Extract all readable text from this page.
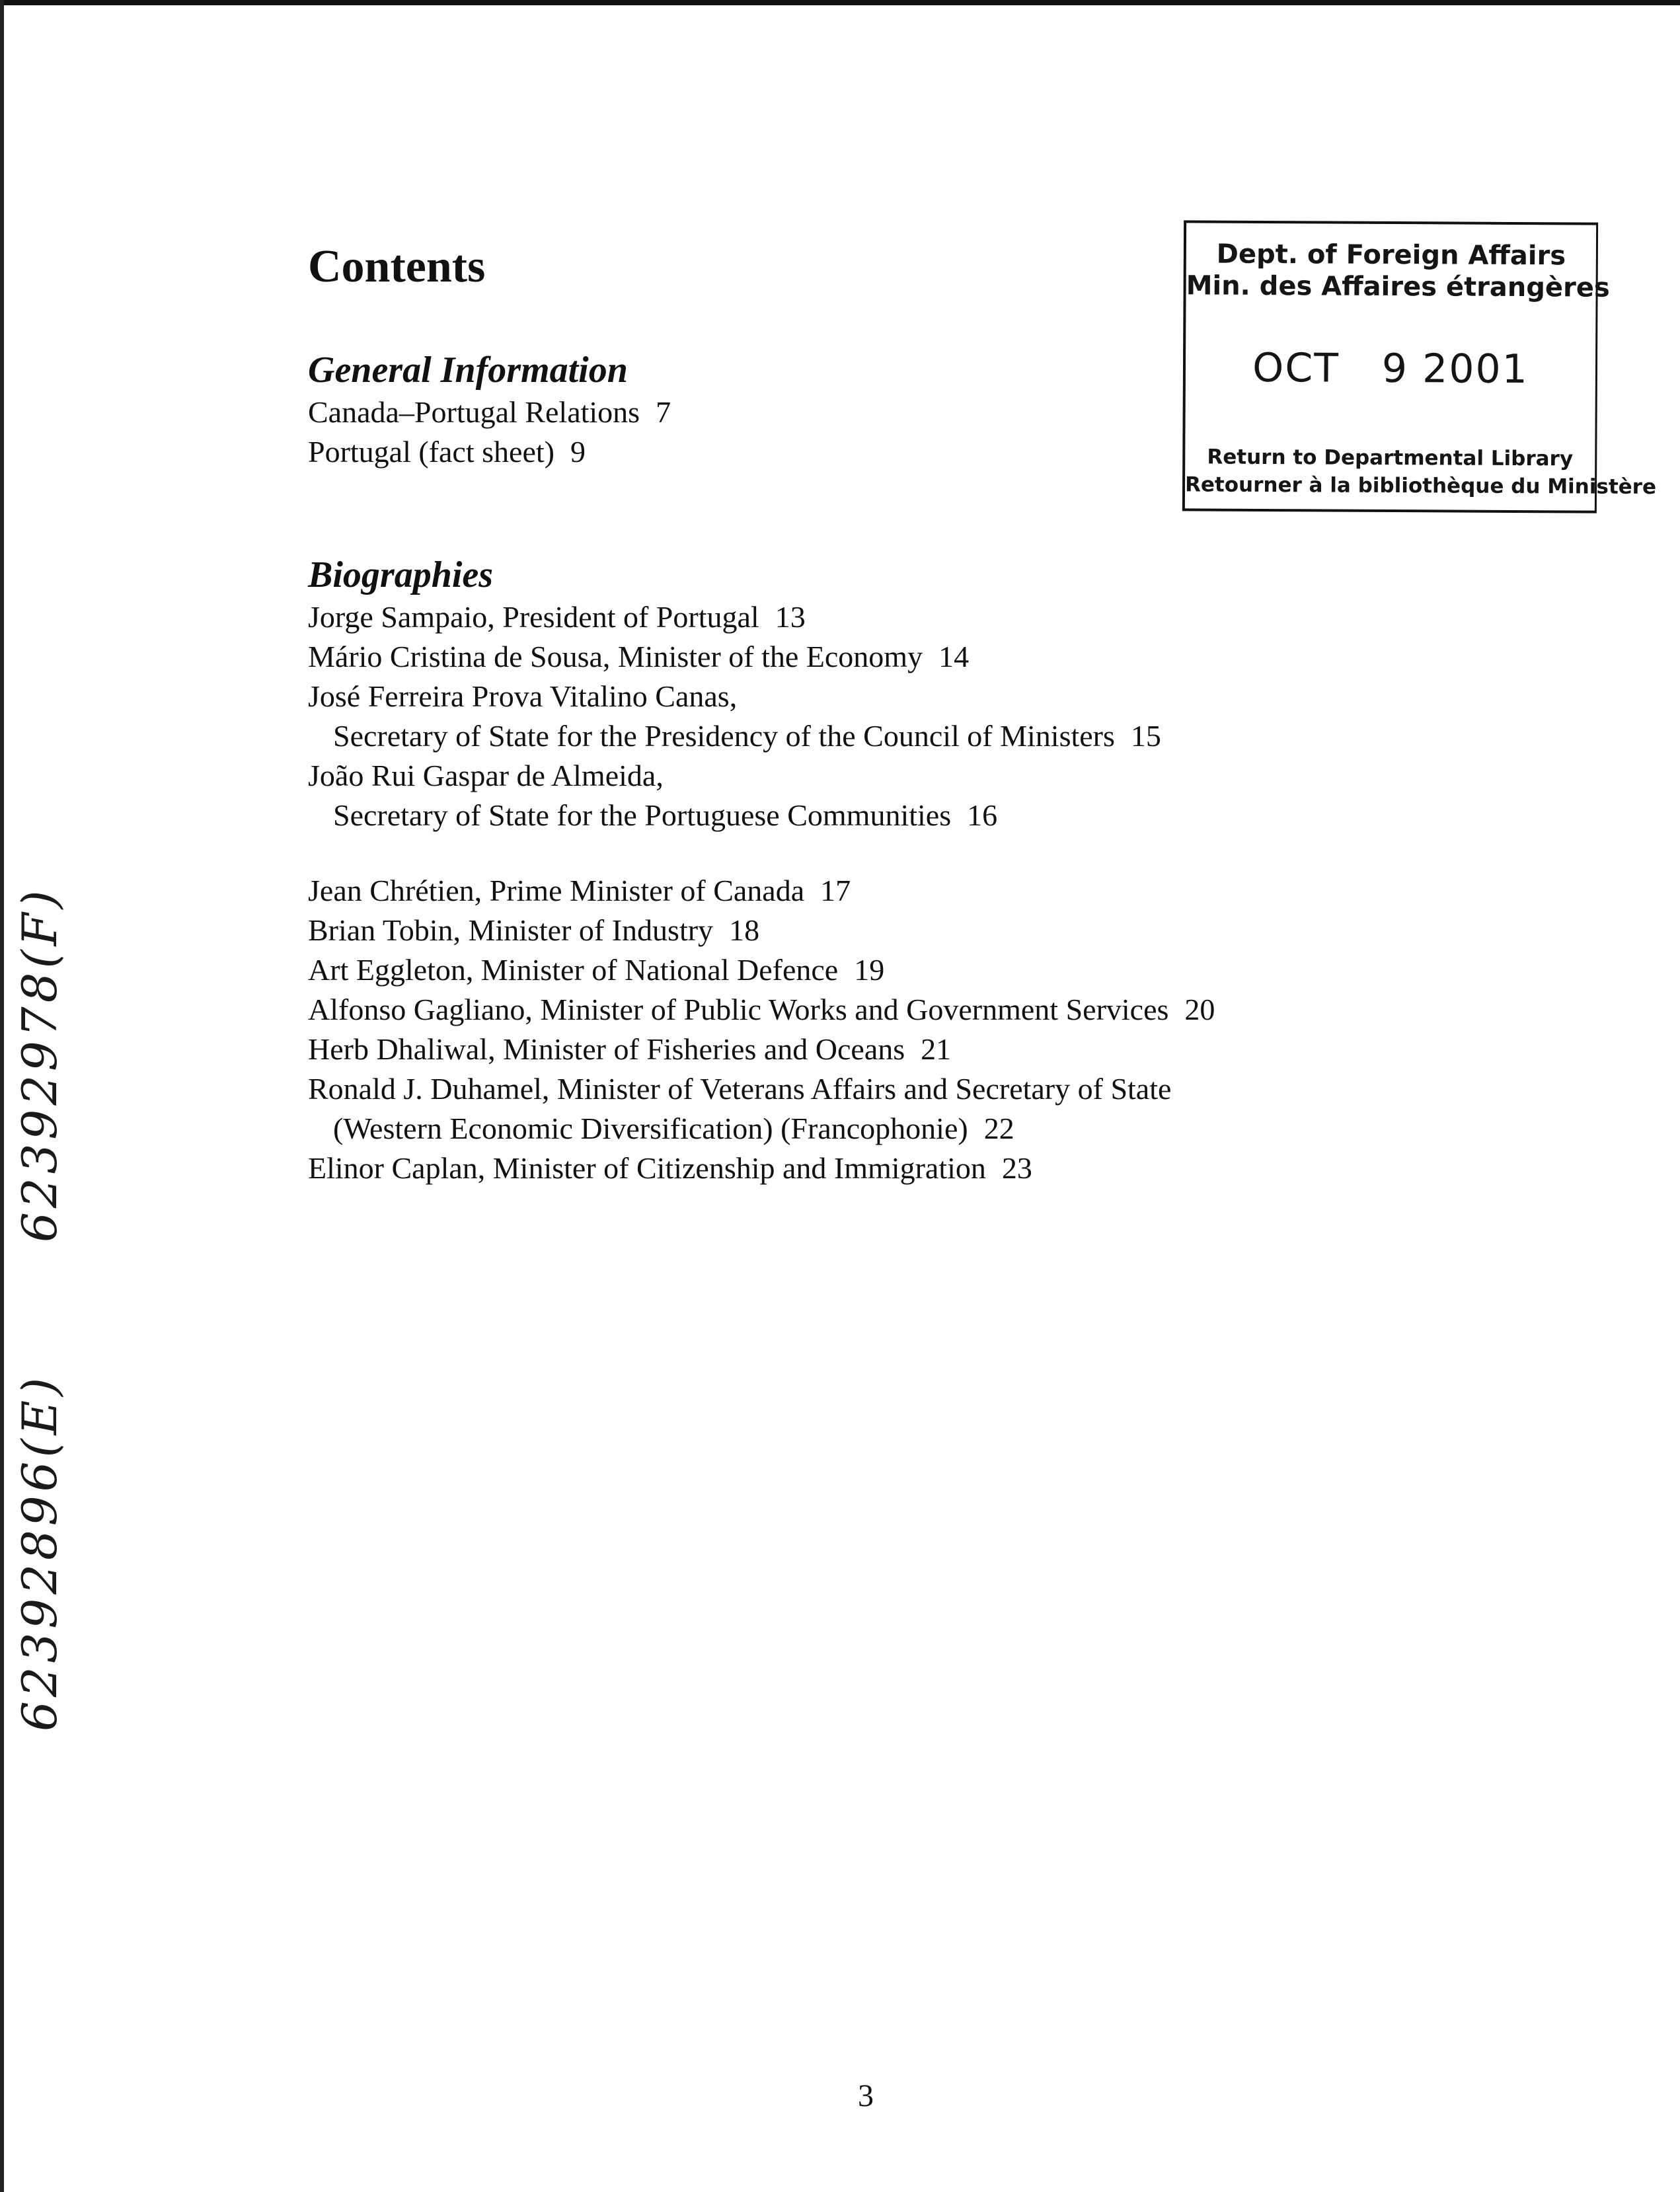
Contents
General Information
Canada–Portugal Relations 7
Portugal (fact sheet) 9
Biographies
Jorge Sampaio, President of Portugal 13
Mário Cristina de Sousa, Minister of the Economy 14
José Ferreira Prova Vitalino Canas,
Secretary of State for the Presidency of the Council of Ministers 15
João Rui Gaspar de Almeida,
Secretary of State for the Portuguese Communities 16
Jean Chrétien, Prime Minister of Canada 17
Brian Tobin, Minister of Industry 18
Art Eggleton, Minister of National Defence 19
Alfonso Gagliano, Minister of Public Works and Government Services 20
Herb Dhaliwal, Minister of Fisheries and Oceans 21
Ronald J. Duhamel, Minister of Veterans Affairs and Secretary of State
(Western Economic Diversification) (Francophonie) 22
Elinor Caplan, Minister of Citizenship and Immigration 23
Dept. of Foreign Affairs
Min. des Affaires étrangères
OCT 9 2001
Return to Departmental Library
Retourner à la bibliothèque du Ministère
62392978(F)
62392896(E)
3
